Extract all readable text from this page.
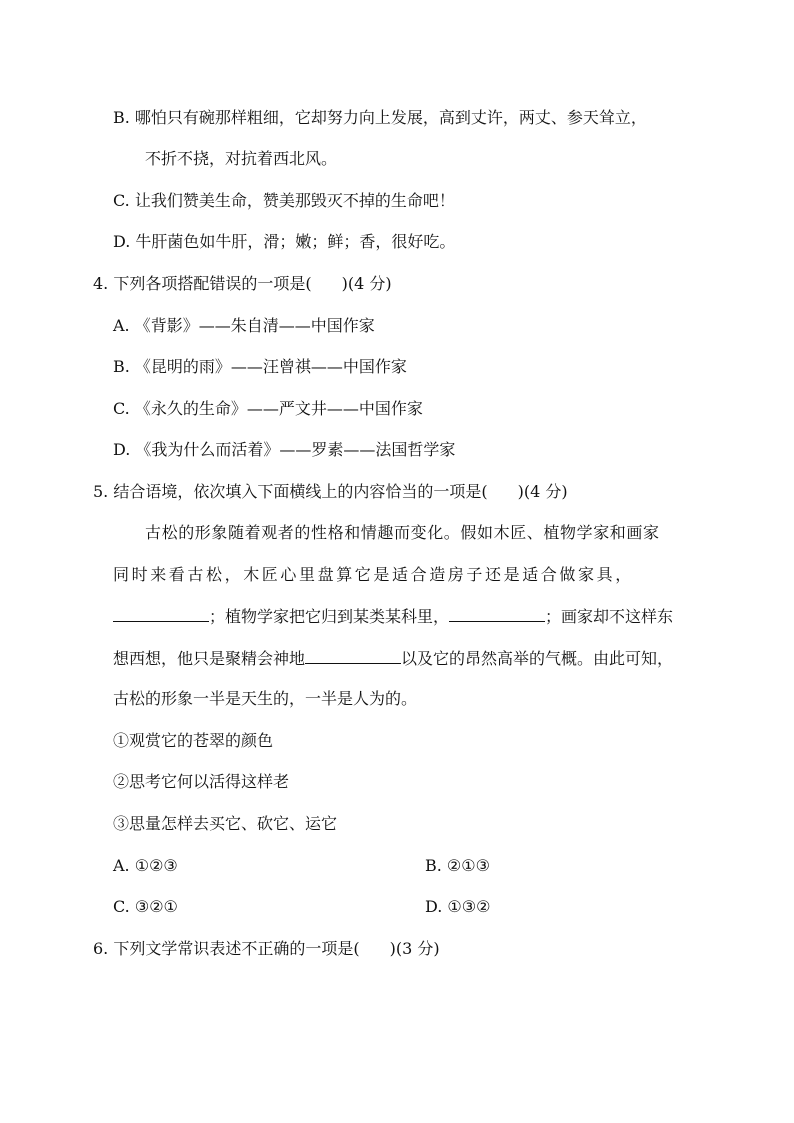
B. 哪怕只有碗那样粗细，它却努力向上发展，高到丈许，两丈、参天耸立，
不折不挠，对抗着西北风。
C. 让我们赞美生命，赞美那毁灭不掉的生命吧！
D. 牛肝菌色如牛肝，滑；嫩；鲜；香，很好吃。
4. 下列各项搭配错误的一项是( )(4 分)
A. 《背影》——朱自清——中国作家
B. 《昆明的雨》——汪曾祺——中国作家
C. 《永久的生命》——严文井——中国作家
D. 《我为什么而活着》——罗素——法国哲学家
5. 结合语境，依次填入下面横线上的内容恰当的一项是( )(4 分)
古松的形象随着观者的性格和情趣而变化。假如木匠、植物学家和画家
同时来看古松，木匠心里盘算它是适合造房子还是适合做家具，
；植物学家把它归到某类某科里，	；画家却不这样东
想西想，他只是聚精会神地	以及它的昂然高举的气概。由此可知，
古松的形象一半是天生的，一半是人为的。
①观赏它的苍翠的颜色
②思考它何以活得这样老
③思量怎样去买它、砍它、运它
A. ①②③	B. ②①③
C. ③②①	D. ①③②
6. 下列文学常识表述不正确的一项是( )(3 分)
